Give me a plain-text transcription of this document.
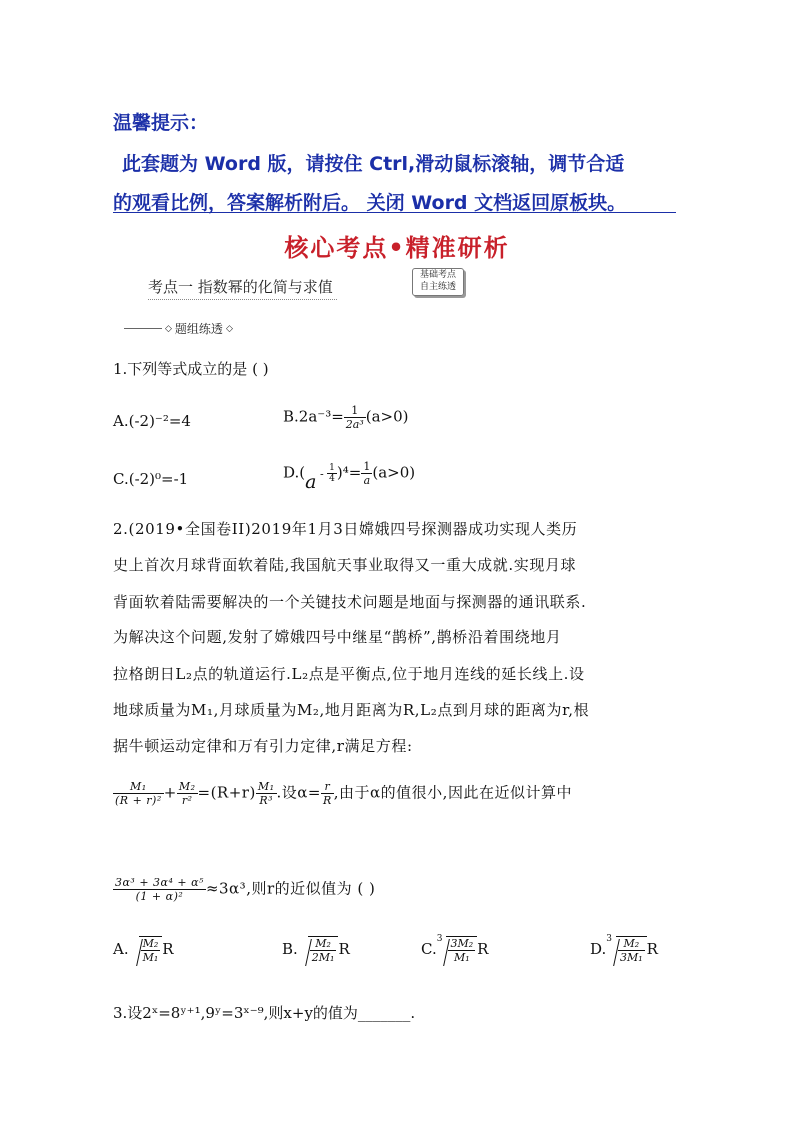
温馨提示：
此套题为 Word 版，请按住 Ctrl,滑动鼠标滚轴，调节合适
的观看比例，答案解析附后。 关闭 Word 文档返回原板块。
核心考点•精准研析
考点一 指数幂的化简与求值
基础考点
自主练透
◇ 题组练透 ◇
1.下列等式成立的是 ( )
A.(-2)⁻²=4	$B.2a^{-3}= \frac{1}{\text{2a³}} (a>0)$
C.(-2)⁰=-1	$D.(a - \frac{1}{4} )^4= \frac{1}{a} (a>0)$
2.(2019•全国卷II)2019年1月3日嫦娥四号探测器成功实现人类历
史上首次月球背面软着陆,我国航天事业取得又一重大成就.实现月球
背面软着陆需要解决的一个关键技术问题是地面与探测器的通讯联系.
为解决这个问题,发射了嫦娥四号中继星“鹊桥”,鹊桥沿着围绕地月
拉格朗日L₂点的轨道运行.L₂点是平衡点,位于地月连线的延长线上.设
地球质量为M₁,月球质量为M₂,地月距离为R,L₂点到月球的距离为r,根
据牛顿运动定律和万有引力定律,r满足方程:
$\frac{\text{M₁}}{\text{(R + r)²}} + \frac{\text{M₂}}{\text{r²}} =(R+r) \frac{\text{M₁}}{\text{R³}}$ .设$\alpha= \frac{r}{R}$ ,由于α的值很小,因此在近似计算中
$\frac{\text{3α³ + 3α⁴ + α⁵}}{\text{(1 + α)²}} \approx 3\alpha^3$,则r的近似值为 ( )
A. $\frac{\text{M₂}}{\text{M₁}}$ R	B. $\frac{\text{M₂}}{\text{2M₁}}$ R	$C.^3 \frac{\text{3M₂}}{\text{M₁}}$ R	$D.^3 \frac{\text{M₂}}{\text{3M₁}}$ R
3.设2ˣ=8ʸ⁺¹,9ʸ=3ˣ⁻⁹,则x+y的值为_______.
